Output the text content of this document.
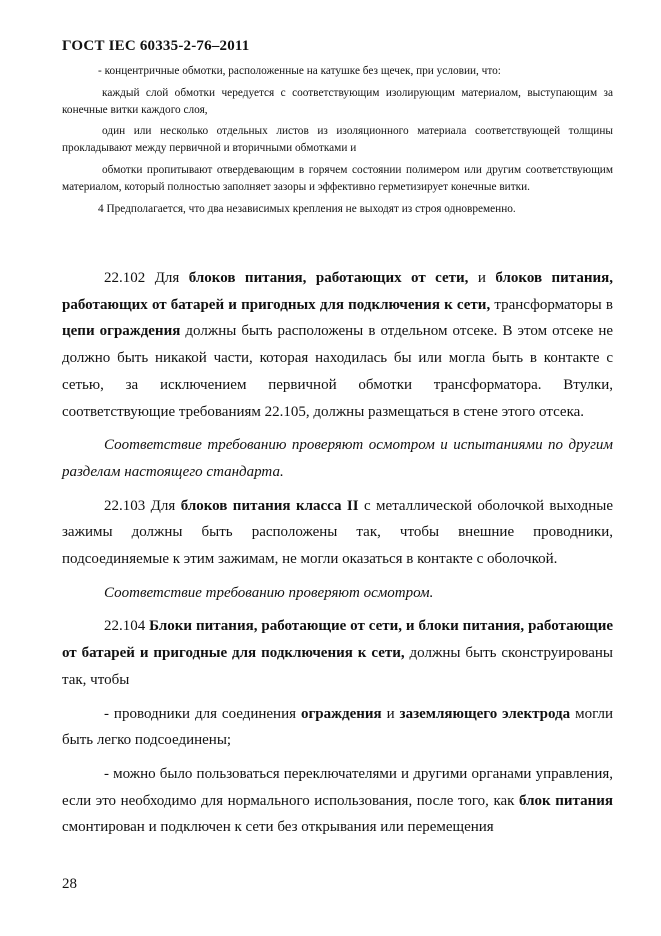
ГОСТ IEC 60335-2-76–2011

- концентричные обмотки, расположенные на катушке без щечек, при условии, что:

каждый слой обмотки чередуется с соответствующим изолирующим материалом, выступающим за конечные витки каждого слоя,

один или несколько отдельных листов из изоляционного материала соответствующей толщины прокладывают между первичной и вторичными обмотками и

обмотки пропитывают отвердевающим в горячем состоянии полимером или другим соответствующим материалом, который полностью заполняет зазоры и эффективно герметизирует конечные витки.

4 Предполагается, что два независимых крепления не выходят из строя одновременно.

22.102 Для блоков питания, работающих от сети, и блоков питания, работающих от батарей и пригодных для подключения к сети, трансформаторы в цепи ограждения должны быть расположены в отдельном отсеке. В этом отсеке не должно быть никакой части, которая находилась бы или могла быть в контакте с сетью, за исключением первичной обмотки трансформатора. Втулки, соответствующие требованиям 22.105, должны размещаться в стене этого отсека.

Соответствие требованию проверяют осмотром и испытаниями по другим разделам настоящего стандарта.

22.103 Для блоков питания класса II с металлической оболочкой выходные зажимы должны быть расположены так, чтобы внешние проводники, подсоединяемые к этим зажимам, не могли оказаться в контакте с оболочкой.

Соответствие требованию проверяют осмотром.

22.104 Блоки питания, работающие от сети, и блоки питания, работающие от батарей и пригодные для подключения к сети, должны быть сконструированы так, чтобы

- проводники для соединения ограждения и заземляющего электрода могли быть легко подсоединены;

- можно было пользоваться переключателями и другими органами управления, если это необходимо для нормального использования, после того, как блок питания смонтирован и подключен к сети без открывания или перемещения

28
